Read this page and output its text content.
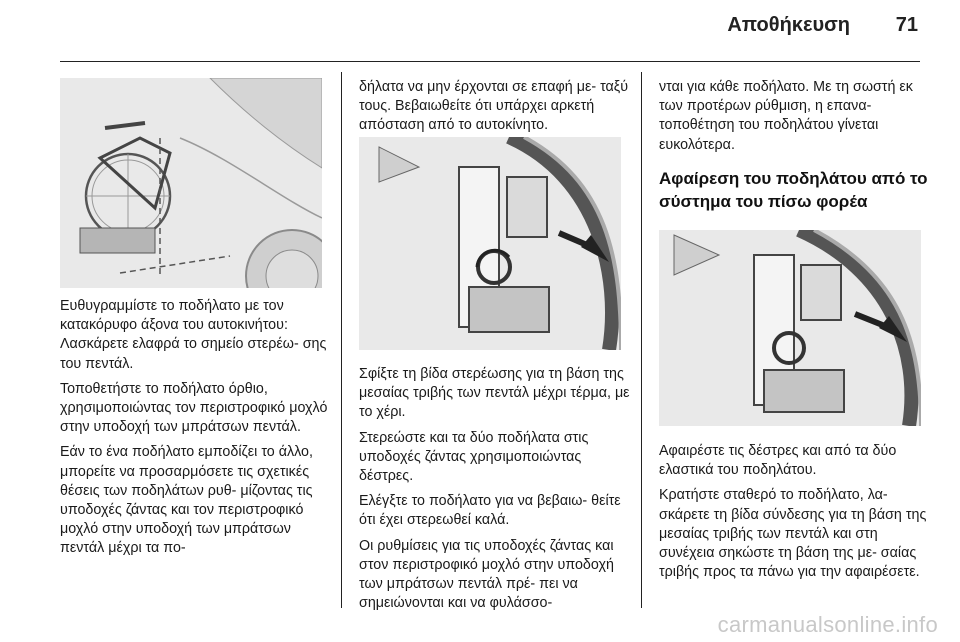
Αποθήκευση	71

Ευθυγραμμίστε το ποδήλατο με τον κατακόρυφο άξονα του αυτοκινήτου: Λασκάρετε ελαφρά το σημείο στερέω- σης του πεντάλ.

Τοποθετήστε το ποδήλατο όρθιο, χρησιμοποιώντας τον περιστροφικό μοχλό στην υποδοχή των μπράτσων πεντάλ.

Εάν το ένα ποδήλατο εμποδίζει το άλλο, μπορείτε να προσαρμόσετε τις σχετικές θέσεις των ποδηλάτων ρυθ- μίζοντας τις υποδοχές ζάντας και τον περιστροφικό μοχλό στην υποδοχή των μπράτσων πεντάλ μέχρι τα πο-

δήλατα να μην έρχονται σε επαφή με- ταξύ τους. Βεβαιωθείτε ότι υπάρχει αρκετή απόσταση από το αυτοκίνητο.

Σφίξτε τη βίδα στερέωσης για τη βάση της μεσαίας τριβής των πεντάλ μέχρι τέρμα, με το χέρι.

Στερεώστε και τα δύο ποδήλατα στις υποδοχές ζάντας χρησιμοποιώντας δέστρες.

Ελέγξτε το ποδήλατο για να βεβαιω- θείτε ότι έχει στερεωθεί καλά.

Οι ρυθμίσεις για τις υποδοχές ζάντας και στον περιστροφικό μοχλό στην υποδοχή των μπράτσων πεντάλ πρέ- πει να σημειώνονται και να φυλάσσο-

νται για κάθε ποδήλατο. Με τη σωστή εκ των προτέρων ρύθμιση, η επανα- τοποθέτηση του ποδηλάτου γίνεται ευκολότερα.

Αφαίρεση του ποδηλάτου από το σύστημα του πίσω φορέα

Αφαιρέστε τις δέστρες και από τα δύο ελαστικά του ποδηλάτου.

Κρατήστε σταθερό το ποδήλατο, λα- σκάρετε τη βίδα σύνδεσης για τη βάση της μεσαίας τριβής των πεντάλ και στη συνέχεια σηκώστε τη βάση της με- σαίας τριβής προς τα πάνω για την αφαιρέσετε.

carmanualsonline.info
